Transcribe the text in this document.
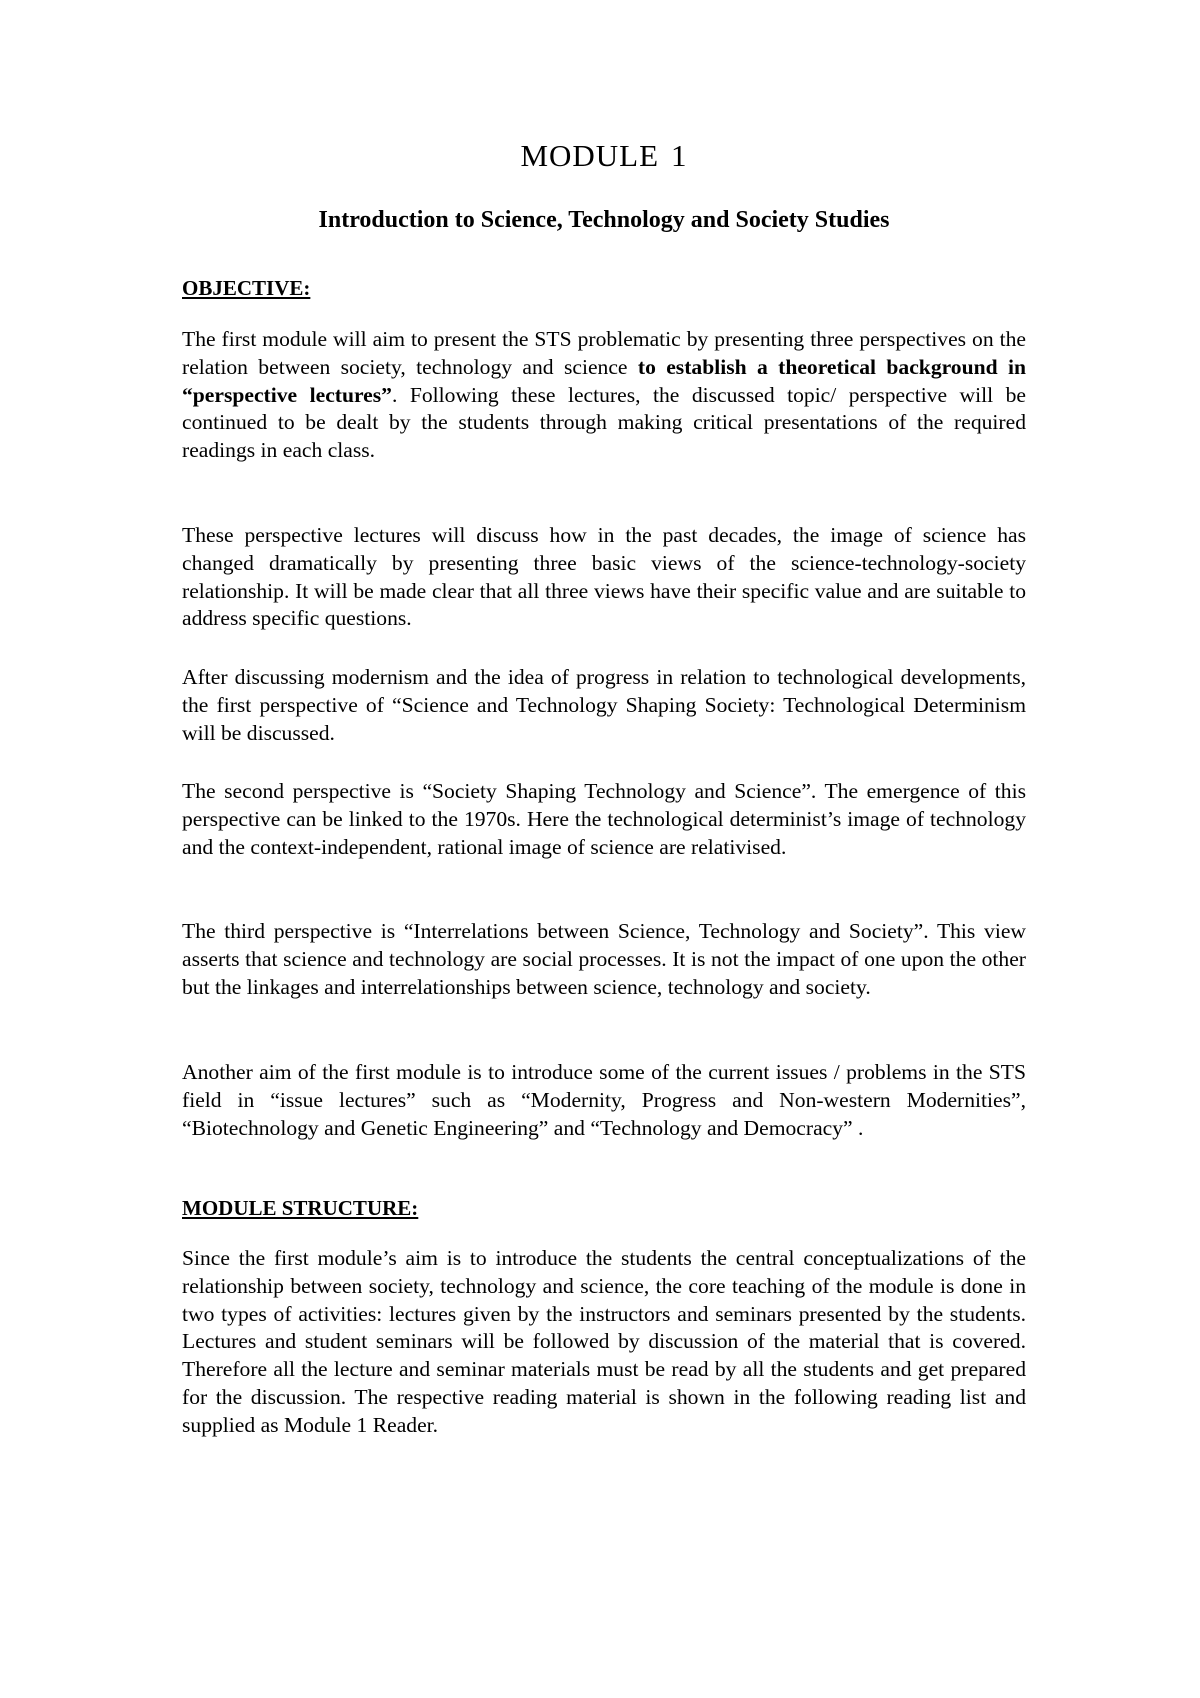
MODULE 1
Introduction to Science, Technology and Society Studies
OBJECTIVE:

The first module will aim to present the STS problematic by presenting three perspectives on the relation between society, technology and science to establish a theoretical background in “perspective lectures”. Following these lectures, the discussed topic/ perspective will be continued to be dealt by the students through making critical presentations of the required readings in each class.

These perspective lectures will discuss how in the past decades, the image of science has changed dramatically by presenting three basic views of the science-technology-society relationship. It will be made clear that all three views have their specific value and are suitable to address specific questions.

After discussing modernism and the idea of progress in relation to technological developments, the first perspective of “Science and Technology Shaping Society: Technological Determinism will be discussed.

The second perspective is “Society Shaping Technology and Science”. The emergence of this perspective can be linked to the 1970s. Here the technological determinist’s image of technology and the context-independent, rational image of science are relativised.

The third perspective is “Interrelations between Science, Technology and Society”. This view asserts that science and technology are social processes. It is not the impact of one upon the other but the linkages and interrelationships between science, technology and society.

Another aim of the first module is to introduce some of the current issues / problems in the STS field in “issue lectures” such as “Modernity, Progress and Non-western Modernities”, “Biotechnology and Genetic Engineering” and “Technology and Democracy” .

MODULE STRUCTURE:

Since the first module’s aim is to introduce the students the central conceptualizations of the relationship between society, technology and science, the core teaching of the module is done in two types of activities: lectures given by the instructors and seminars presented by the students. Lectures and student seminars will be followed by discussion of the material that is covered. Therefore all the lecture and seminar materials must be read by all the students and get prepared for the discussion. The respective reading material is shown in the following reading list and supplied as Module 1 Reader.
